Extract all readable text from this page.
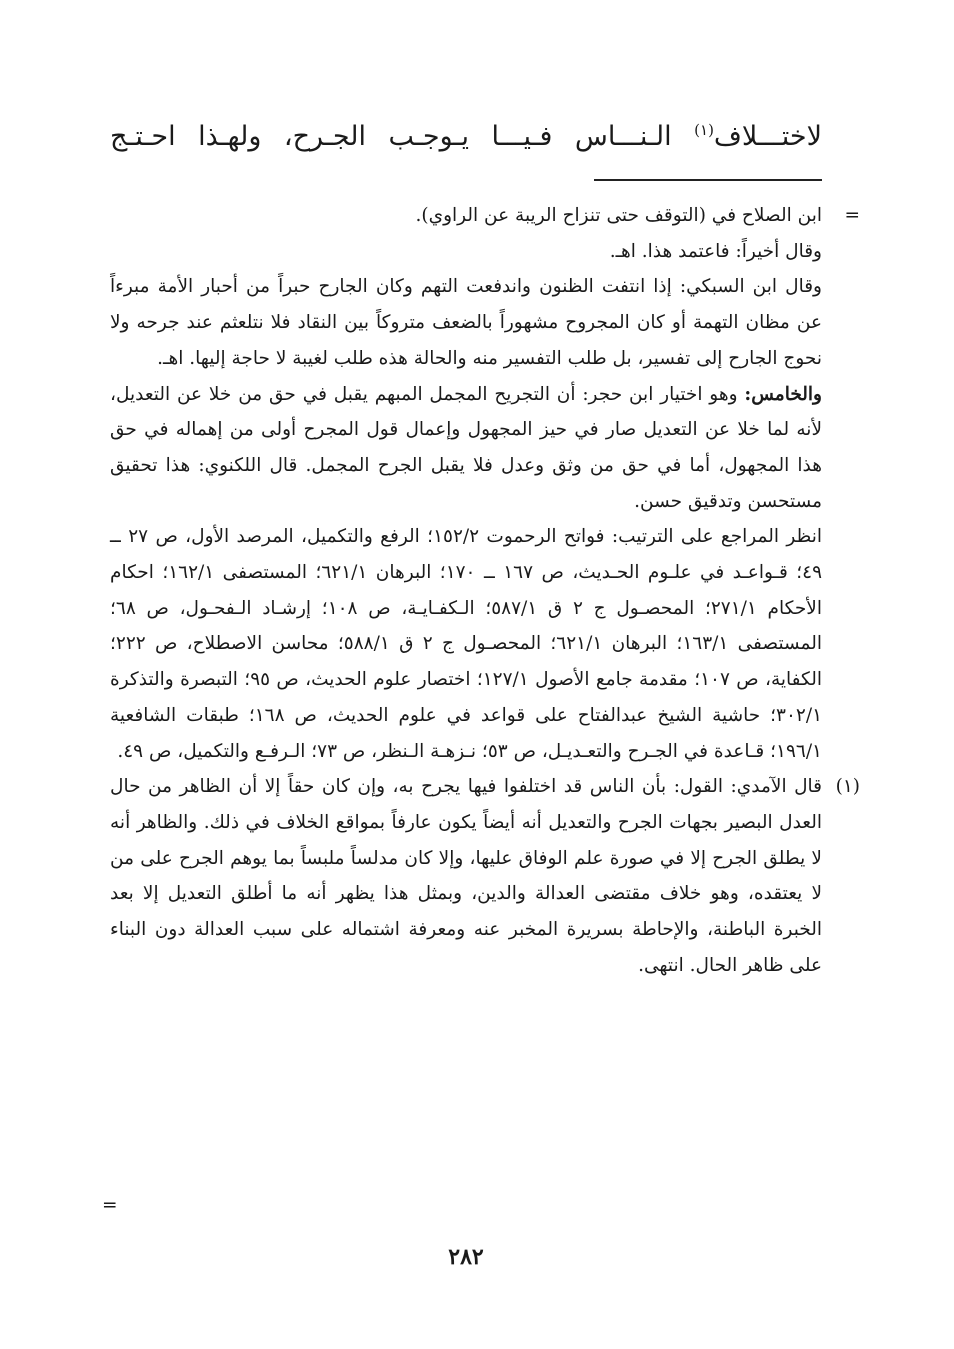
لاختـــلاف$^{(١)}$ الـنـــاس فـيـــا يـوجـب الجـرح، ولهـذا احـتـج
=

ابن الصلاح في (التوقف حتى تنزاح الريبة عن الراوي).

وقال أخيراً: فاعتمد هذا. اهـ.

وقال ابن السبكي: إذا انتفت الظنون واندفعت التهم وكان الجارح حبراً من أحبار الأمة مبرءاً عن مظان التهمة أو كان المجروح مشهوراً بالضعف متروكاً بين النقاد فلا نتلعثم عند جرحه ولا نحوج الجارح إلى تفسير، بل طلب التفسير منه والحالة هذه طلب لغيبة لا حاجة إليها. اهـ.

والخامس: وهو اختيار ابن حجر: أن التجريح المجمل المبهم يقبل في حق من خلا عن التعديل، لأنه لما خلا عن التعديل صار في حيز المجهول وإعمال قول المجرح أولى من إهماله في حق هذا المجهول، أما في حق من وثق وعدل فلا يقبل الجرح المجمل. قال اللكنوي: هذا تحقيق مستحسن وتدقيق حسن.

انظر المراجع على الترتيب: فواتح الرحموت ١٥٢/٢؛ الرفع والتكميل، المرصد الأول، ص ٢٧ ــ ٤٩؛ قـواعـد في علـوم الحـديث، ص ١٦٧ ــ ١٧٠؛ البرهان ٦٢١/١؛ المستصفى ١٦٢/١؛ احكام الأحكام ٢٧١/١؛ المحصـول ج ٢ ق ٥٨٧/١؛ الـكفـايـة، ص ١٠٨؛ إرشـاد الـفحـول، ص ٦٨؛ المستصفى ١٦٣/١؛ البرهان ٦٢١/١؛ المحصـول ج ٢ ق ٥٨٨/١؛ محاسن الاصطلاح، ص ٢٢٢؛ الكفاية، ص ١٠٧؛ مقدمة جامع الأصول ١٢٧/١؛ اختصار علوم الحديث، ص ٩٥؛ التبصرة والتذكرة ٣٠٢/١؛ حاشية الشيخ عبدالفتاح على قواعد في علوم الحديث، ص ١٦٨؛ طبقات الشافعية ١٩٦/١؛ قـاعدة في الجـرح والتعـديـل، ص ٥٣؛ نـزهـة الـنظر، ص ٧٣؛ الـرفـع والتكميل، ص ٤٩.

(١)

قال الآمدي: القول: بأن الناس قد اختلفوا فيها يجرح به، وإن كان حقاً إلا أن الظاهر من حال العدل البصير بجهات الجرح والتعديل أنه أيضاً يكون عارفاً بمواقع الخلاف في ذلك. والظاهر أنه لا يطلق الجرح إلا في صورة علم الوفاق عليها، وإلا كان مدلساً ملبساً بما يوهم الجرح على من لا يعتقده، وهو خلاف مقتضى العدالة والدين، وبمثل هذا يظهر أنه ما أطلق التعديل إلا بعد الخبرة الباطنة، والإحاطة بسريرة المخبر عنه ومعرفة اشتماله على سبب العدالة دون البناء على ظاهر الحال. انتهى.

=
٢٨٢
